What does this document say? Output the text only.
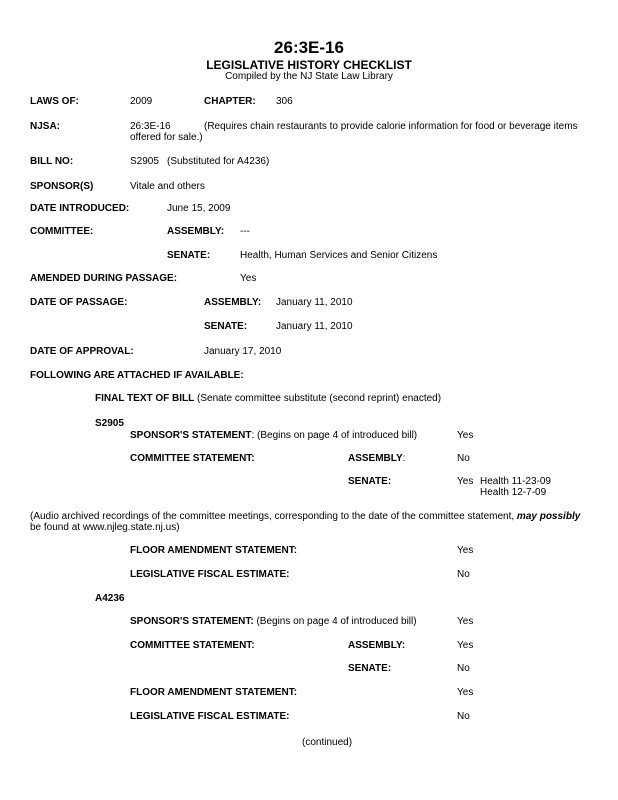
26:3E-16
LEGISLATIVE HISTORY CHECKLIST
Compiled by the NJ State Law Library
LAWS OF:	2009	CHAPTER: 306
NJSA:	26:3E-16	(Requires chain restaurants to provide calorie information for food or beverage items
offered for sale.)
BILL NO:	S2905 (Substituted for A4236)
SPONSOR(S)	Vitale and others
DATE INTRODUCED:	June 15, 2009
COMMITTEE:	ASSEMBLY: ---
SENATE:	Health, Human Services and Senior Citizens
AMENDED DURING PASSAGE:	Yes
DATE OF PASSAGE:	ASSEMBLY: January 11, 2010
SENATE:	January 11, 2010
DATE OF APPROVAL:	January 17, 2010
FOLLOWING ARE ATTACHED IF AVAILABLE:
FINAL TEXT OF BILL (Senate committee substitute (second reprint) enacted)
S2905
SPONSOR'S STATEMENT: (Begins on page 4 of introduced bill)	Yes
COMMITTEE STATEMENT:	ASSEMBLY:	No
SENATE:	Yes Health 11-23-09
Health 12-7-09
(Audio archived recordings of the committee meetings, corresponding to the date of the committee statement, may possibly
be found at www.njleg.state.nj.us)
FLOOR AMENDMENT STATEMENT:	Yes
LEGISLATIVE FISCAL ESTIMATE:	No
A4236
SPONSOR'S STATEMENT: (Begins on page 4 of introduced bill)	Yes
COMMITTEE STATEMENT:	ASSEMBLY:	Yes
SENATE:	No
FLOOR AMENDMENT STATEMENT:	Yes
LEGISLATIVE FISCAL ESTIMATE:	No
(continued)
